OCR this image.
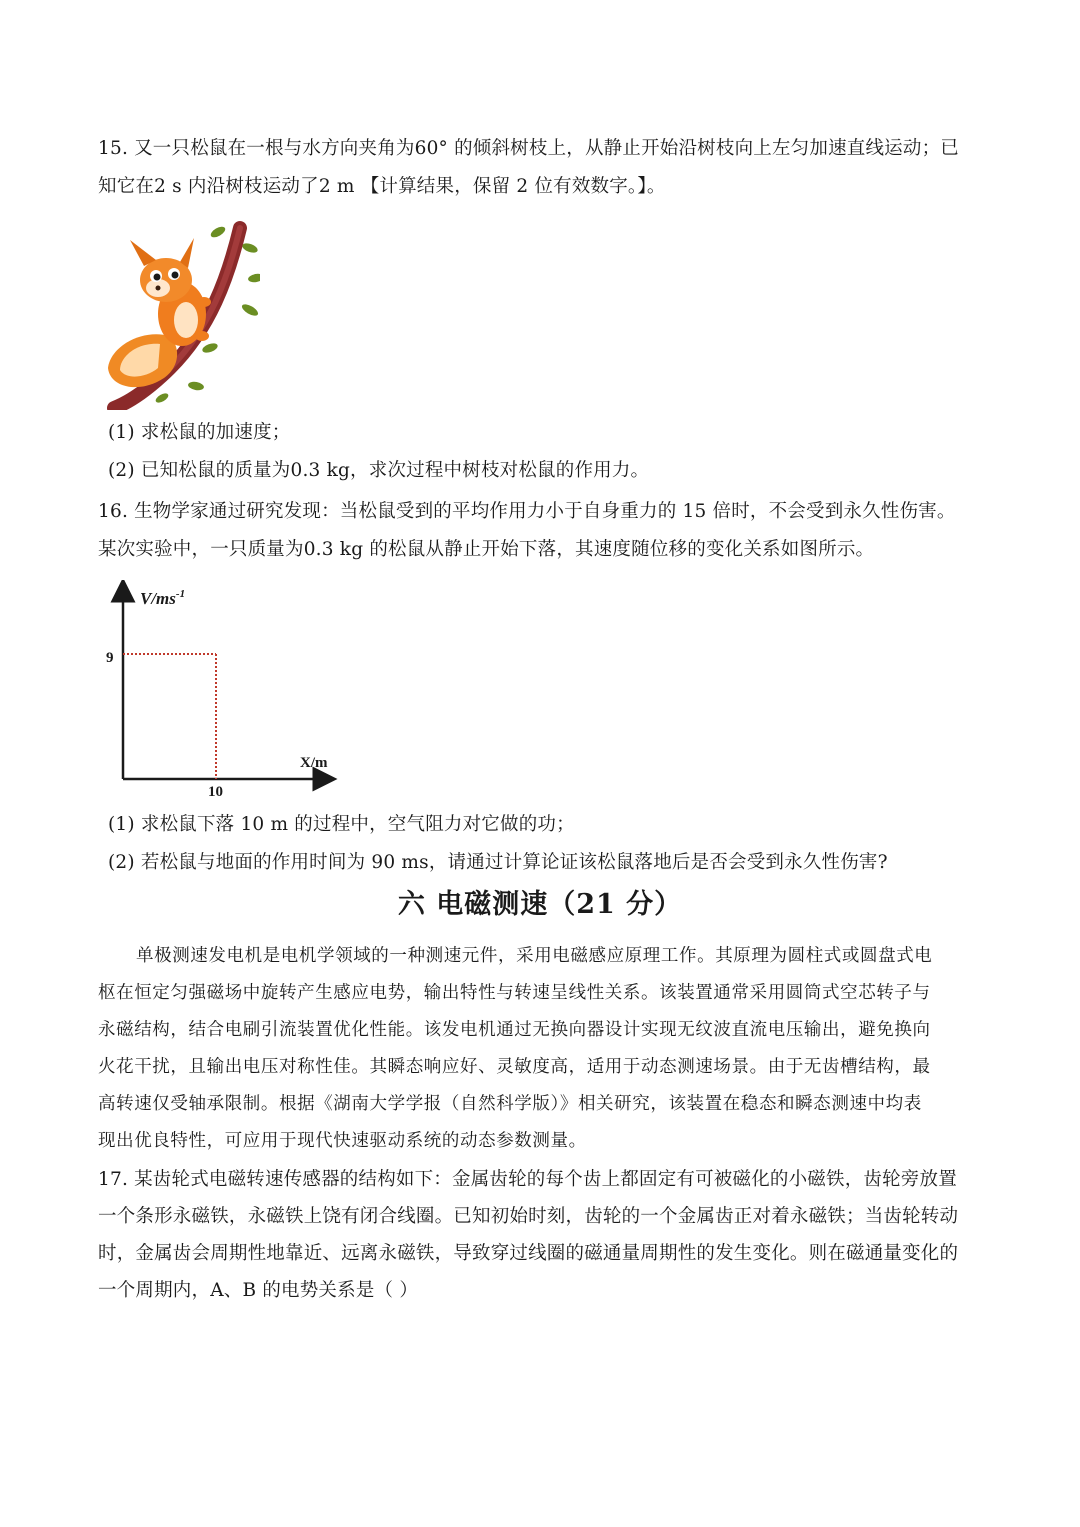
15. 又一只松鼠在一根与水方向夹角为60° 的倾斜树枝上，从静止开始沿树枝向上左匀加速直线运动；已
知它在2 s 内沿树枝运动了2 m 【计算结果，保留 2 位有效数字。】。
(1) 求松鼠的加速度；
(2) 已知松鼠的质量为0.3 kg，求次过程中树枝对松鼠的作用力。
16. 生物学家通过研究发现：当松鼠受到的平均作用力小于自身重力的 15 倍时，不会受到永久性伤害。
某次实验中，一只质量为0.3 kg 的松鼠从静止开始下落，其速度随位移的变化关系如图所示。
$V/ms^{-1}$
X/m
9
10
(1) 求松鼠下落 10 m 的过程中，空气阻力对它做的功；
(2) 若松鼠与地面的作用时间为 90 ms，请通过计算论证该松鼠落地后是否会受到永久性伤害?
六 电磁测速（21 分）
单极测速发电机是电机学领域的一种测速元件，采用电磁感应原理工作。其原理为圆柱式或圆盘式电
枢在恒定匀强磁场中旋转产生感应电势，输出特性与转速呈线性关系。该装置通常采用圆筒式空芯转子与
永磁结构，结合电刷引流装置优化性能。该发电机通过无换向器设计实现无纹波直流电压输出，避免换向
火花干扰，且输出电压对称性佳。其瞬态响应好、灵敏度高，适用于动态测速场景。由于无齿槽结构，最
高转速仅受轴承限制。根据《湖南大学学报（自然科学版）》相关研究，该装置在稳态和瞬态测速中均表
现出优良特性，可应用于现代快速驱动系统的动态参数测量。
17. 某齿轮式电磁转速传感器的结构如下：金属齿轮的每个齿上都固定有可被磁化的小磁铁，齿轮旁放置
一个条形永磁铁，永磁铁上饶有闭合线圈。已知初始时刻，齿轮的一个金属齿正对着永磁铁；当齿轮转动
时，金属齿会周期性地靠近、远离永磁铁，导致穿过线圈的磁通量周期性的发生变化。则在磁通量变化的
一个周期内，A、B 的电势关系是（ ）
